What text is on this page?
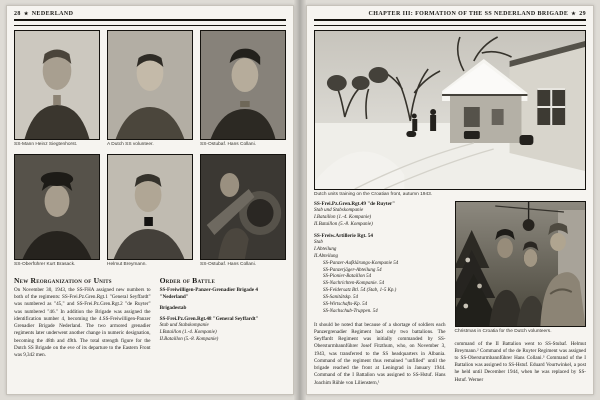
28 ★ NEDERLAND
SS-Mann Heinz Siegtenhorst.	A Dutch SS volunteer.	SS-Ostubaf. Hans Collani.
SS-Oberführer Kurt Brasack.	Helmut Breymann.	SS-Ostubaf. Hans Collani.
New Reorganization of Units
On November 30, 1943, the SS-FHA assigned new numbers to both of the regiments: SS-Frei.Pz.Gren.Rgt.1 "General Seyffardt" was numbered as "45," and SS-Frei.Pz.Gren.Rgt.2 "de Ruyter" was numbered "46." In addition the Brigade was assigned the identification number 4, becoming the 4.SS-Freiwilligen-Panzer Grenadier Brigade Nederland. The two armored grenadier regiments later underwent another change in numeric designation, becoming the 48th and 49th. The total strength figure for the Dutch SS Brigade on the eve of its departure to the Eastern Front was 9,342 men.
Order of Battle
SS-Freiwilligen-Panzer-Grenadier Brigade 4 "Nederland"
Brigadestab
SS-Frei.Pz.Gren.Rgt.48 "General Seyffardt"
Stab und Stabskompanie
I.Bataillon (1.-4. Kompanie)
II.Bataillon (5.-8. Kompanie)
CHAPTER III: FORMATION OF THE SS NEDERLAND BRIGADE ★ 29
Dutch units training on the Croatian front, autumn 1943.
SS-Frei.Pz.Gren.Rgt.49 "de Ruyter"
Stab und Stabskompanie
I.Bataillon (1.-4. Kompanie)
II.Bataillon (5.-8. Kompanie)
SS-Freiw.Artillerie Rgt. 54
Stab
I.Abteilung
II.Abteilung
SS-Panzer-Aufklärungs-Kompanie 54
SS-Panzerjäger-Abteilung 54
SS-Pionier-Bataillon 54
SS-Nachrichten-Kompanie. 54
SS-Feldersatz Btl. 54 (Stab, 1-5 Kp.)
SS-Sanitätskp. 54
SS-Wirtschafts-Kp. 54
SS-Nachschub-Truppen. 54
It should be noted that because of a shortage of soldiers each Panzergrenadier Regiment had only two battalions. The Seyffardt Regiment was initially commanded by SS-Obersturmbannführer Josef Fitzthum, who, on November 3, 1943, was transferred to the SS headquarters in Albania. Command of the regiment thus remained "unfilled" until the brigade reached the front at Leningrad in January 1944. Command of the I Battalion was assigned to SS-Hstuf. Hans Joachim Rühle von Lilienstern,¹
Christmas in Croatia for the Dutch volunteers.
command of the II Battalion went to SS-Stubaf. Helmut Breymann.² Command of the de Ruyter Regiment was assigned to SS-Obersturmbannführer Hans Collani.³ Command of the I Battalion was assigned to SS-Hstuf. Eduard Vourtwinkel, a post he held until December 1944, when he was replaced by SS-Hstuf. Werner
